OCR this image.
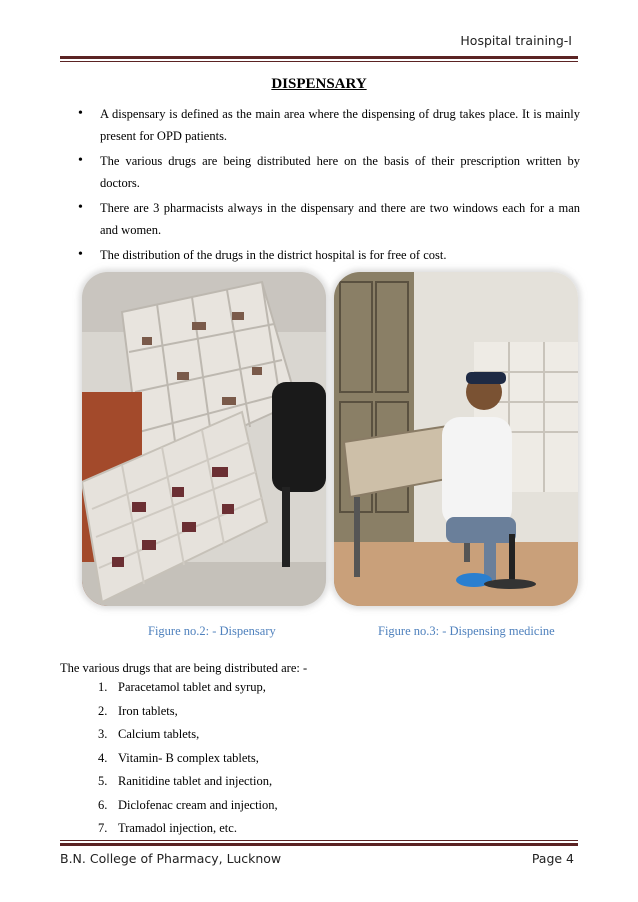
Hospital training-I
DISPENSARY
• A dispensary is defined as the main area where the dispensing of drug takes place. It is mainly present for OPD patients.
• The various drugs are being distributed here on the basis of their prescription written by doctors.
• There are 3 pharmacists always in the dispensary and there are two windows each for a man and women.
• The distribution of the drugs in the district hospital is for free of cost.
Figure no.2: - Dispensary	Figure no.3: - Dispensing medicine
The various drugs that are being distributed are: -
1. Paracetamol tablet and syrup,
2. Iron tablets,
3. Calcium tablets,
4. Vitamin- B complex tablets,
5. Ranitidine tablet and injection,
6. Diclofenac cream and injection,
7. Tramadol injection, etc.
B.N. College of Pharmacy, Lucknow	Page 4
